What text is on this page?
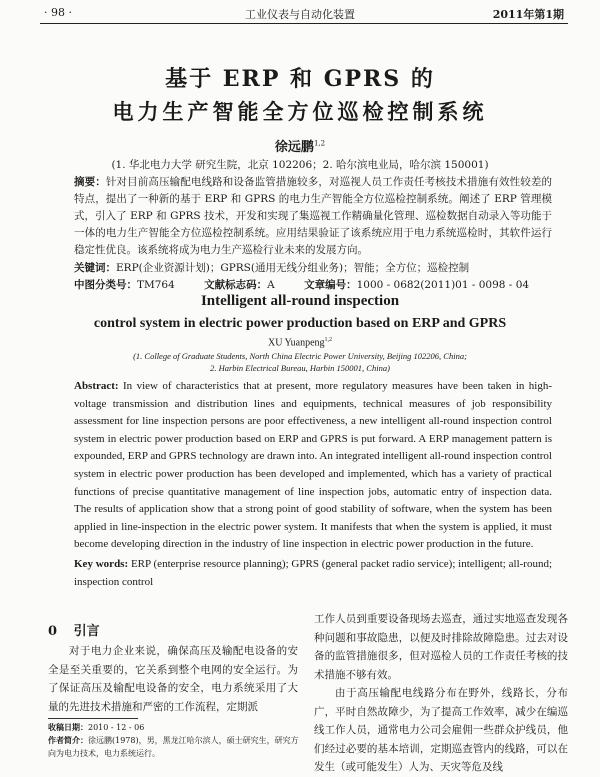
· 98 ·	工业仪表与自动化装置	2011年第1期
基于 ERP 和 GPRS 的
电力生产智能全方位巡检控制系统
徐远鹏$^{1,2}$
(1. 华北电力大学 研究生院，北京 102206；2. 哈尔滨电业局，哈尔滨 150001)
摘要：针对目前高压输配电线路和设备监管措施较多，对巡视人员工作责任考核技术措施有效性较差的特点，提出了一种新的基于 ERP 和 GPRS 的电力生产智能全方位巡检控制系统。阐述了 ERP 管理模式，引入了 ERP 和 GPRS 技术，开发和实现了集巡视工作精确量化管理、巡检数据自动录入等功能于一体的电力生产智能全方位巡检控制系统。应用结果验证了该系统应用于电力系统巡检时，其软件运行稳定性优良。该系统将成为电力生产巡检行业未来的发展方向。
关键词：ERP(企业资源计划)；GPRS(通用无线分组业务)；智能；全方位；巡检控制
中图分类号：TM764	文献标志码：A	文章编号：1000 - 0682(2011)01 - 0098 - 04
Intelligent all-round inspection
control system in electric power production based on ERP and GPRS
XU Yuanpeng$^{1,2}$
(1. College of Graduate Students, North China Electric Power University, Beijing 102206, China;
2. Harbin Electrical Bureau, Harbin 150001, China)
Abstract: In view of characteristics that at present, more regulatory measures have been taken in high-voltage transmission and distribution lines and equipments, technical measures of job responsibility assessment for line inspection persons are poor effectiveness, a new intelligent all-round inspection control system in electric power production based on ERP and GPRS is put forward. A ERP management pattern is expounded, ERP and GPRS technology are drawn into. An integrated intelligent all-round inspection control system in electric power production has been developed and implemented, which has a variety of practical functions of precise quantitative management of line inspection jobs, automatic entry of inspection data. The results of application show that a strong point of good stability of software, when the system has been applied in line-inspection in the electric power system. It manifests that when the system is applied, it must become developing direction in the industry of line inspection in electric power production in the future.
Key words: ERP (enterprise resource planning); GPRS (general packet radio service); intelligent; all-round; inspection control
0 引言
对于电力企业来说，确保高压及输配电设备的安全是至关重要的，它关系到整个电网的安全运行。为了保证高压及输配电设备的安全，电力系统采用了大量的先进技术措施和严密的工作流程，定期派
收稿日期：2010 - 12 - 06
作者简介：徐远鹏(1978)，男，黑龙江哈尔滨人，硕士研究生，研究方向为电力技术，电力系统运行。
工作人员到重要设备现场去巡查，通过实地巡查发现各种问题和事故隐患，以便及时排除故障隐患。过去对设备的监管措施很多，但对巡检人员的工作责任考核的技术措施不够有效。
由于高压输配电线路分布在野外，线路长，分布广，平时自然故障少，为了提高工作效率，减少在编巡线工作人员，通常电力公司会雇佣一些群众护线员，他们经过必要的基本培训，定期巡查管内的线路，可以在发生（或可能发生）人为、天灾等危及线
